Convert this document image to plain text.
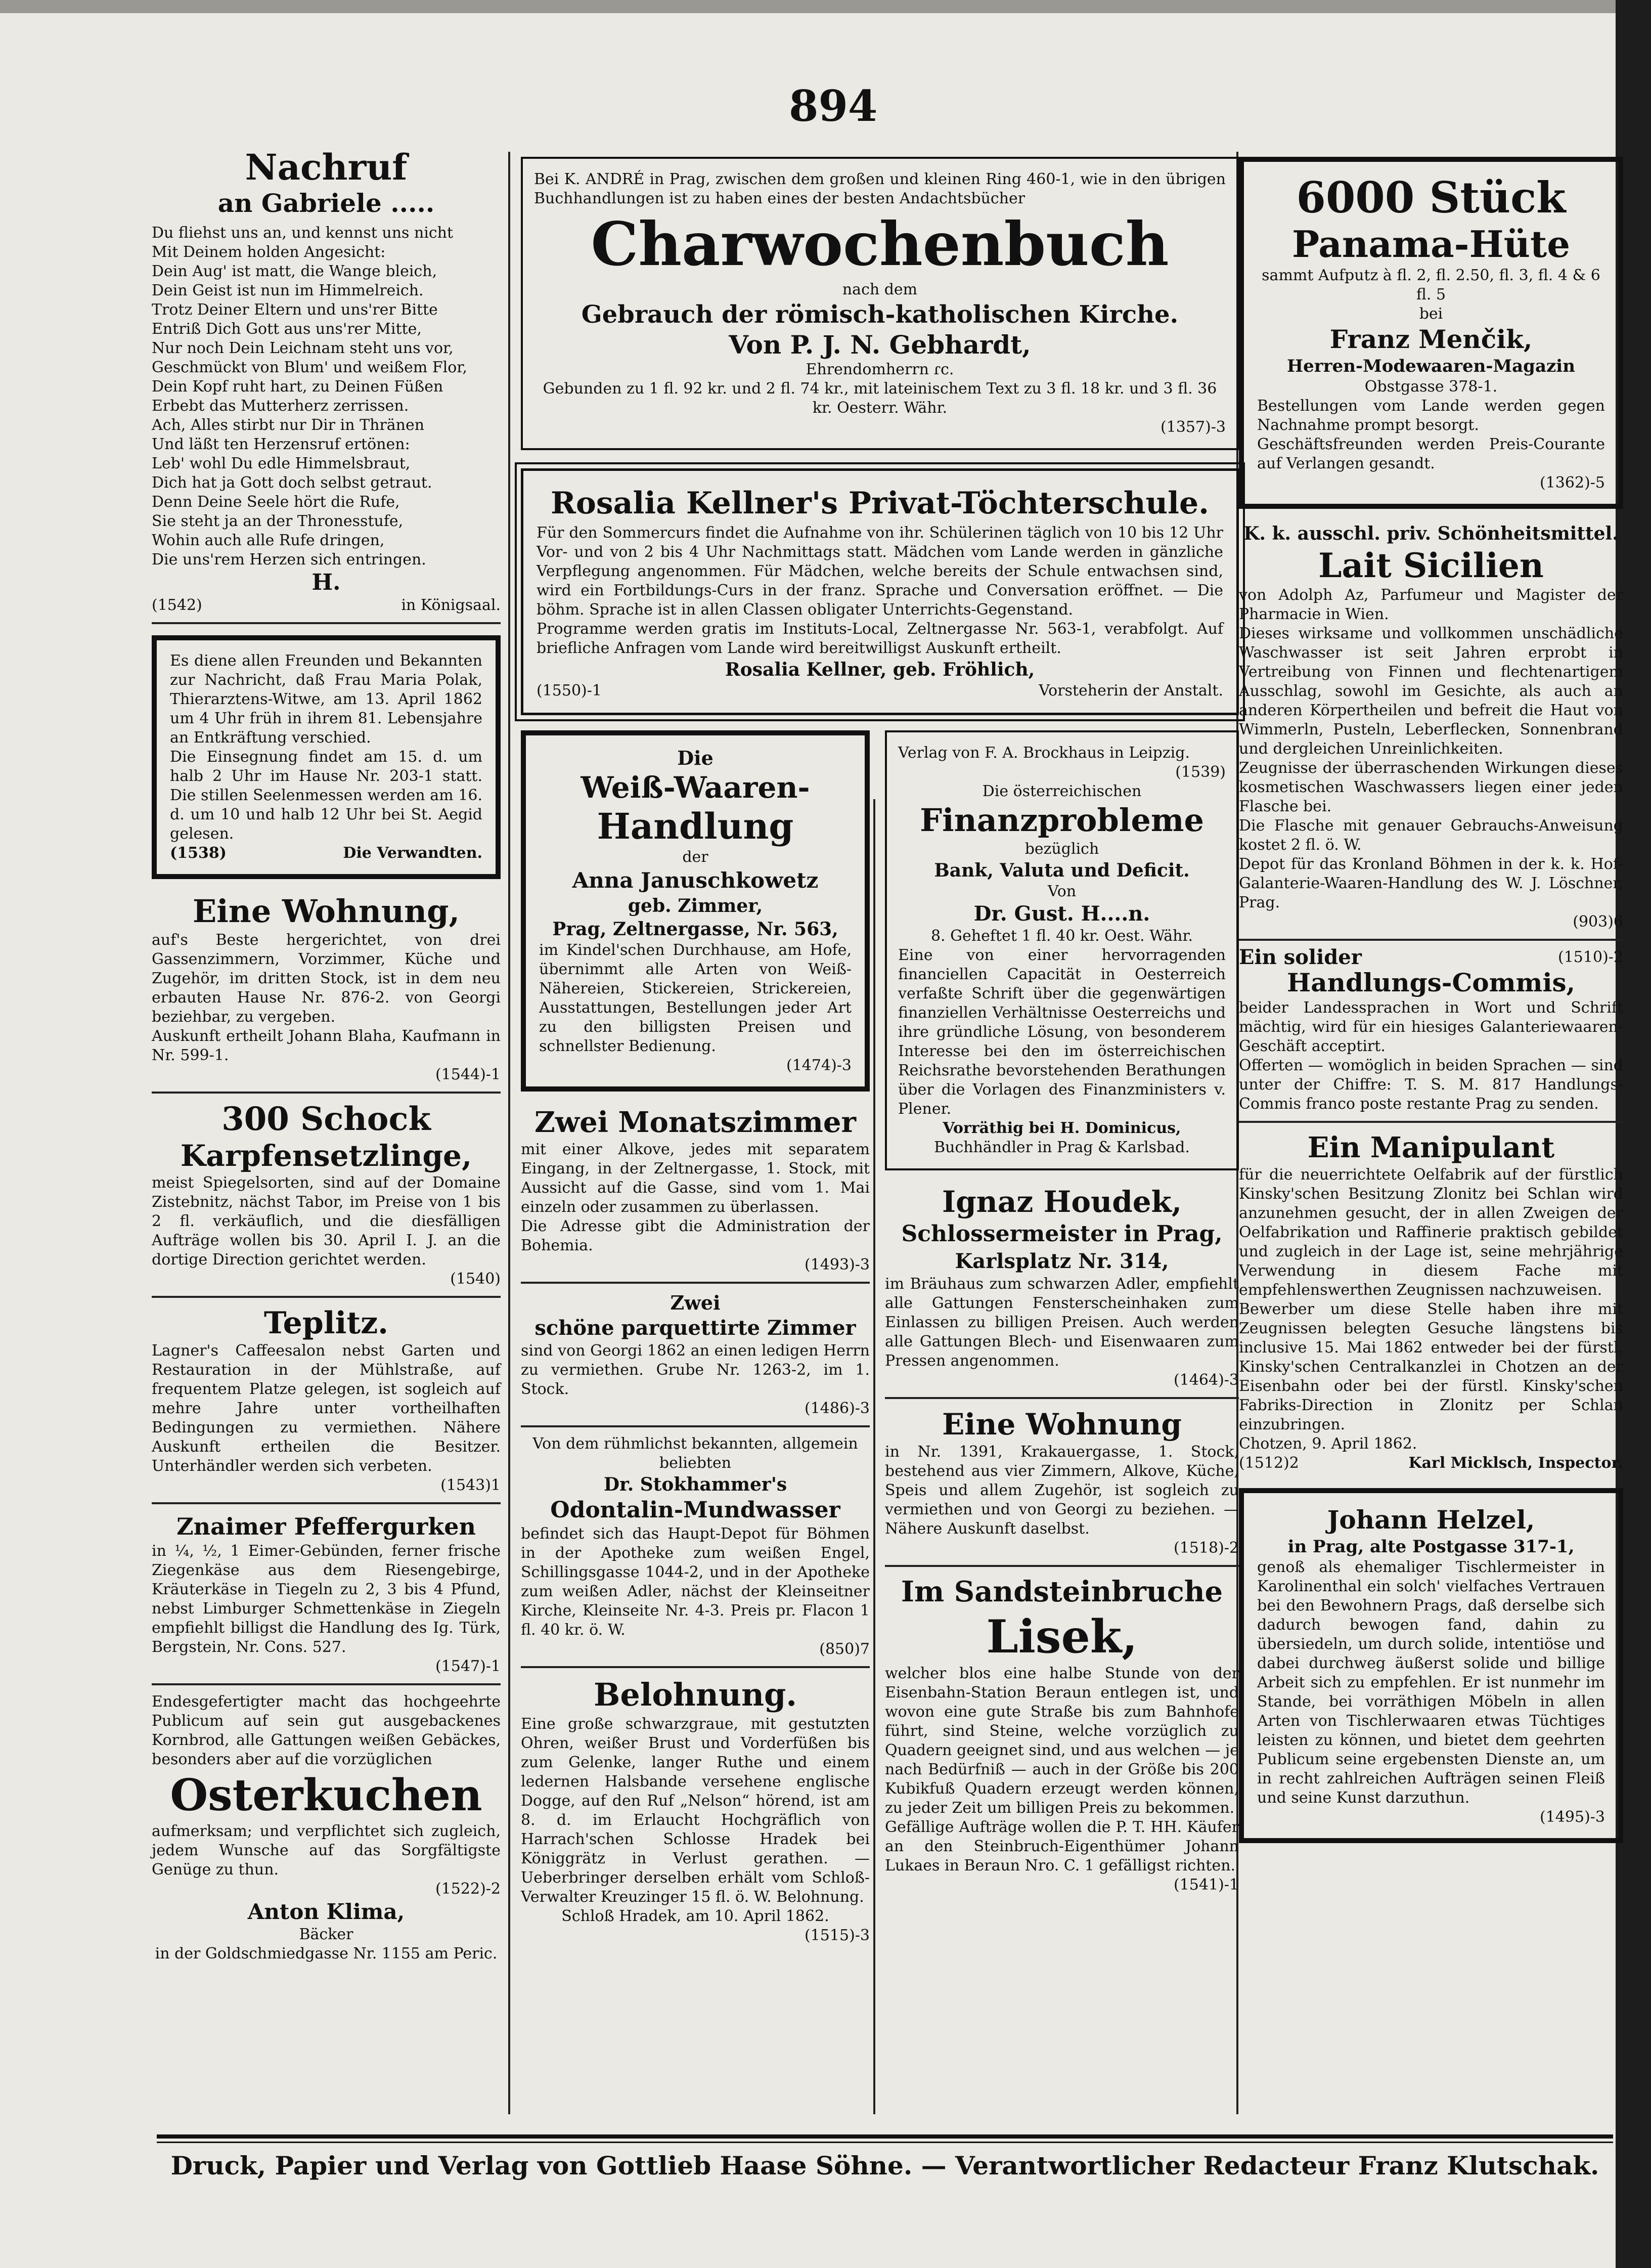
894

Nachruf

an Gabriele .....

Du fliehst uns an, und kennst uns nicht

Mit Deinem holden Angesicht:

Dein Aug' ist matt, die Wange bleich,

Dein Geist ist nun im Himmelreich.

Trotz Deiner Eltern und uns'rer Bitte

Entriß Dich Gott aus uns'rer Mitte,

Nur noch Dein Leichnam steht uns vor,

Geschmückt von Blum' und weißem Flor,

Dein Kopf ruht hart, zu Deinen Füßen

Erbebt das Mutterherz zerrissen.

Ach, Alles stirbt nur Dir in Thränen

Und läßt ten Herzensruf ertönen:

Leb' wohl Du edle Himmelsbraut,

Dich hat ja Gott doch selbst getraut.

Denn Deine Seele hört die Rufe,

Sie steht ja an der Thronesstufe,

Wohin auch alle Rufe dringen,

Die uns'rem Herzen sich entringen.

H.

(1542)	in Königsaal.

Es diene allen Freunden und Bekannten zur Nachricht, daß Frau Maria Polak, Thierarztens-Witwe, am 13. April 1862 um 4 Uhr früh in ihrem 81. Lebensjahre an Entkräftung verschied.

Die Einsegnung findet am 15. d. um halb 2 Uhr im Hause Nr. 203-1 statt. Die stillen Seelenmessen werden am 16. d. um 10 und halb 12 Uhr bei St. Aegid gelesen.

(1538)	Die Verwandten.

Eine Wohnung,

auf's Beste hergerichtet, von drei Gassenzimmern, Vorzimmer, Küche und Zugehör, im dritten Stock, ist in dem neu erbauten Hause Nr. 876-2. von Georgi beziehbar, zu vergeben.

Auskunft ertheilt Johann Blaha, Kaufmann in Nr. 599-1.

(1544)-1

300 Schock

Karpfensetzlinge,

meist Spiegelsorten, sind auf der Domaine Zistebnitz, nächst Tabor, im Preise von 1 bis 2 fl. verkäuflich, und die diesfälligen Aufträge wollen bis 30. April I. J. an die dortige Direction gerichtet werden.

(1540)

Teplitz.

Lagner's Caffeesalon nebst Garten und Restauration in der Mühlstraße, auf frequentem Platze gelegen, ist sogleich auf mehre Jahre unter vortheilhaften Bedingungen zu vermiethen. Nähere Auskunft ertheilen die Besitzer. Unterhändler werden sich verbeten.

(1543)1

Znaimer Pfeffergurken

in ¼, ½, 1 Eimer-Gebünden, ferner frische Ziegenkäse aus dem Riesengebirge, Kräuterkäse in Tiegeln zu 2, 3 bis 4 Pfund, nebst Limburger Schmettenkäse in Ziegeln empfiehlt billigst die Handlung des Ig. Türk, Bergstein, Nr. Cons. 527.

(1547)-1

Endesgefertigter macht das hochgeehrte Publicum auf sein gut ausgebackenes Kornbrod, alle Gattungen weißen Gebäckes, besonders aber auf die vorzüglichen

Osterkuchen

aufmerksam; und verpflichtet sich zugleich, jedem Wunsche auf das Sorgfältigste Genüge zu thun.

(1522)-2

Anton Klima,

Bäcker

in der Goldschmiedgasse Nr. 1155 am Peric.

Bei K. ANDRÉ in Prag, zwischen dem großen und kleinen Ring 460-1, wie in den übrigen Buchhandlungen ist zu haben eines der besten Andachtsbücher

Charwochenbuch

nach dem

Gebrauch der römisch-katholischen Kirche.

Von P. J. N. Gebhardt,

Ehrendomherrn ɾc.

Gebunden zu 1 fl. 92 kr. und 2 fl. 74 kr., mit lateinischem Text zu 3 fl. 18 kr. und 3 fl. 36 kr. Oesterr. Währ.

(1357)-3

Rosalia Kellner's Privat-Töchterschule.

Für den Sommercurs findet die Aufnahme von ihr. Schülerinen täglich von 10 bis 12 Uhr Vor- und von 2 bis 4 Uhr Nachmittags statt. Mädchen vom Lande werden in gänzliche Verpflegung angenommen. Für Mädchen, welche bereits der Schule entwachsen sind, wird ein Fortbildungs-Curs in der franz. Sprache und Conversation eröffnet. — Die böhm. Sprache ist in allen Classen obligater Unterrichts-Gegenstand.

Programme werden gratis im Instituts-Local, Zeltnergasse Nr. 563-1, verabfolgt. Auf briefliche Anfragen vom Lande wird bereitwilligst Auskunft ertheilt.

Rosalia Kellner, geb. Fröhlich,

(1550)-1	Vorsteherin der Anstalt.

Die

Weiß-Waaren-

Handlung

der

Anna Januschkowetz

geb. Zimmer,

Prag, Zeltnergasse, Nr. 563,

im Kindel'schen Durchhause, am Hofe, übernimmt alle Arten von Weiß-Nähereien, Stickereien, Strickereien, Ausstattungen, Bestellungen jeder Art zu den billigsten Preisen und schnellster Bedienung.

(1474)-3

Zwei Monatszimmer

mit einer Alkove, jedes mit separatem Eingang, in der Zeltnergasse, 1. Stock, mit Aussicht auf die Gasse, sind vom 1. Mai einzeln oder zusammen zu überlassen.

Die Adresse gibt die Administration der Bohemia.

(1493)-3

Zwei

schöne parquettirte Zimmer

sind von Georgi 1862 an einen ledigen Herrn zu vermiethen. Grube Nr. 1263-2, im 1. Stock.

(1486)-3

Von dem rühmlichst bekannten, allgemein beliebten

Dr. Stokhammer's

Odontalin-Mundwasser

befindet sich das Haupt-Depot für Böhmen in der Apotheke zum weißen Engel, Schillingsgasse 1044-2, und in der Apotheke zum weißen Adler, nächst der Kleinseitner Kirche, Kleinseite Nr. 4-3. Preis pr. Flacon 1 fl. 40 kr. ö. W.

(850)7

Belohnung.

Eine große schwarzgraue, mit gestutzten Ohren, weißer Brust und Vorderfüßen bis zum Gelenke, langer Ruthe und einem ledernen Halsbande versehene englische Dogge, auf den Ruf „Nelson“ hörend, ist am 8. d. im Erlaucht Hochgräflich von Harrach'schen Schlosse Hradek bei Königgrätz in Verlust gerathen. — Ueberbringer derselben erhält vom Schloß-Verwalter Kreuzinger 15 fl. ö. W. Belohnung.

Schloß Hradek, am 10. April 1862.

(1515)-3

Verlag von F. A. Brockhaus in Leipzig.

(1539)

Die österreichischen

Finanzprobleme

bezüglich

Bank, Valuta und Deficit.

Von

Dr. Gust. H....n.

8. Geheftet 1 fl. 40 kr. Oest. Währ.

Eine von einer hervorragenden financiellen Capacität in Oesterreich verfaßte Schrift über die gegenwärtigen finanziellen Verhältnisse Oesterreichs und ihre gründliche Lösung, von besonderem Interesse bei den im österreichischen Reichsrathe bevorstehenden Berathungen über die Vorlagen des Finanzministers v. Plener.

Vorräthig bei H. Dominicus,

Buchhändler in Prag & Karlsbad.

Ignaz Houdek,

Schlossermeister in Prag,

Karlsplatz Nr. 314,

im Bräuhaus zum schwarzen Adler, empfiehlt alle Gattungen Fensterscheinhaken zum Einlassen zu billigen Preisen. Auch werden alle Gattungen Blech- und Eisenwaaren zum Pressen angenommen.

(1464)-3

Eine Wohnung

in Nr. 1391, Krakauergasse, 1. Stock, bestehend aus vier Zimmern, Alkove, Küche, Speis und allem Zugehör, ist sogleich zu vermiethen und von Georgi zu beziehen. — Nähere Auskunft daselbst.

(1518)-2

Im Sandsteinbruche

Lisek,

welcher blos eine halbe Stunde von der Eisenbahn-Station Beraun entlegen ist, und wovon eine gute Straße bis zum Bahnhofe führt, sind Steine, welche vorzüglich zu Quadern geeignet sind, und aus welchen — je nach Bedürfniß — auch in der Größe bis 200 Kubikfuß Quadern erzeugt werden können, zu jeder Zeit um billigen Preis zu bekommen.

Gefällige Aufträge wollen die P. T. HH. Käufer an den Steinbruch-Eigenthümer Johann Lukaes in Beraun Nro. C. 1 gefälligst richten.

(1541)-1

6000 Stück

Panama-Hüte

sammt Aufputz à fl. 2, fl. 2.50, fl. 3, fl. 4 & 6 fl. 5

bei

Franz Menčik,

Herren-Modewaaren-Magazin

Obstgasse 378-1.

Bestellungen vom Lande werden gegen Nachnahme prompt besorgt.

Geschäftsfreunden werden Preis-Courante auf Verlangen gesandt.

(1362)-5

K. k. ausschl. priv. Schönheitsmittel.

Lait Sicilien

von Adolph Az, Parfumeur und Magister der Pharmacie in Wien.

Dieses wirksame und vollkommen unschädliche Waschwasser ist seit Jahren erprobt in Vertreibung von Finnen und flechtenartigem Ausschlag, sowohl im Gesichte, als auch an anderen Körpertheilen und befreit die Haut von Wimmerln, Pusteln, Leberflecken, Sonnenbrand und dergleichen Unreinlichkeiten.

Zeugnisse der überraschenden Wirkungen dieses kosmetischen Waschwassers liegen einer jeden Flasche bei.

Die Flasche mit genauer Gebrauchs-Anweisung kostet 2 fl. ö. W.

Depot für das Kronland Böhmen in der k. k. Hof-Galanterie-Waaren-Handlung des W. J. Löschner, Prag.

(903)6

Ein solider	(1510)-2

Handlungs-Commis,

beider Landessprachen in Wort und Schrift mächtig, wird für ein hiesiges Galanteriewaaren-Geschäft acceptirt.

Offerten — womöglich in beiden Sprachen — sind unter der Chiffre: T. S. M. 817 Handlungs-Commis franco poste restante Prag zu senden.

Ein Manipulant

für die neuerrichtete Oelfabrik auf der fürstlich Kinsky'schen Besitzung Zlonitz bei Schlan wird anzunehmen gesucht, der in allen Zweigen der Oelfabrikation und Raffinerie praktisch gebildet und zugleich in der Lage ist, seine mehrjährige Verwendung in diesem Fache mit empfehlenswerthen Zeugnissen nachzuweisen.

Bewerber um diese Stelle haben ihre mit Zeugnissen belegten Gesuche längstens bis inclusive 15. Mai 1862 entweder bei der fürstl. Kinsky'schen Centralkanzlei in Chotzen an der Eisenbahn oder bei der fürstl. Kinsky'schen Fabriks-Direction in Zlonitz per Schlan einzubringen.

Chotzen, 9. April 1862.

(1512)2	Karl Micklsch, Inspector.

Johann Helzel,

in Prag, alte Postgasse 317-1,

genoß als ehemaliger Tischlermeister in Karolinenthal ein solch' vielfaches Vertrauen bei den Bewohnern Prags, daß derselbe sich dadurch bewogen fand, dahin zu übersiedeln, um durch solide, intentiöse und dabei durchweg äußerst solide und billige Arbeit sich zu empfehlen. Er ist nunmehr im Stande, bei vorräthigen Möbeln in allen Arten von Tischlerwaaren etwas Tüchtiges leisten zu können, und bietet dem geehrten Publicum seine ergebensten Dienste an, um in recht zahlreichen Aufträgen seinen Fleiß und seine Kunst darzuthun.

(1495)-3

Druck, Papier und Verlag von Gottlieb Haase Söhne. — Verantwortlicher Redacteur Franz Klutschak.
